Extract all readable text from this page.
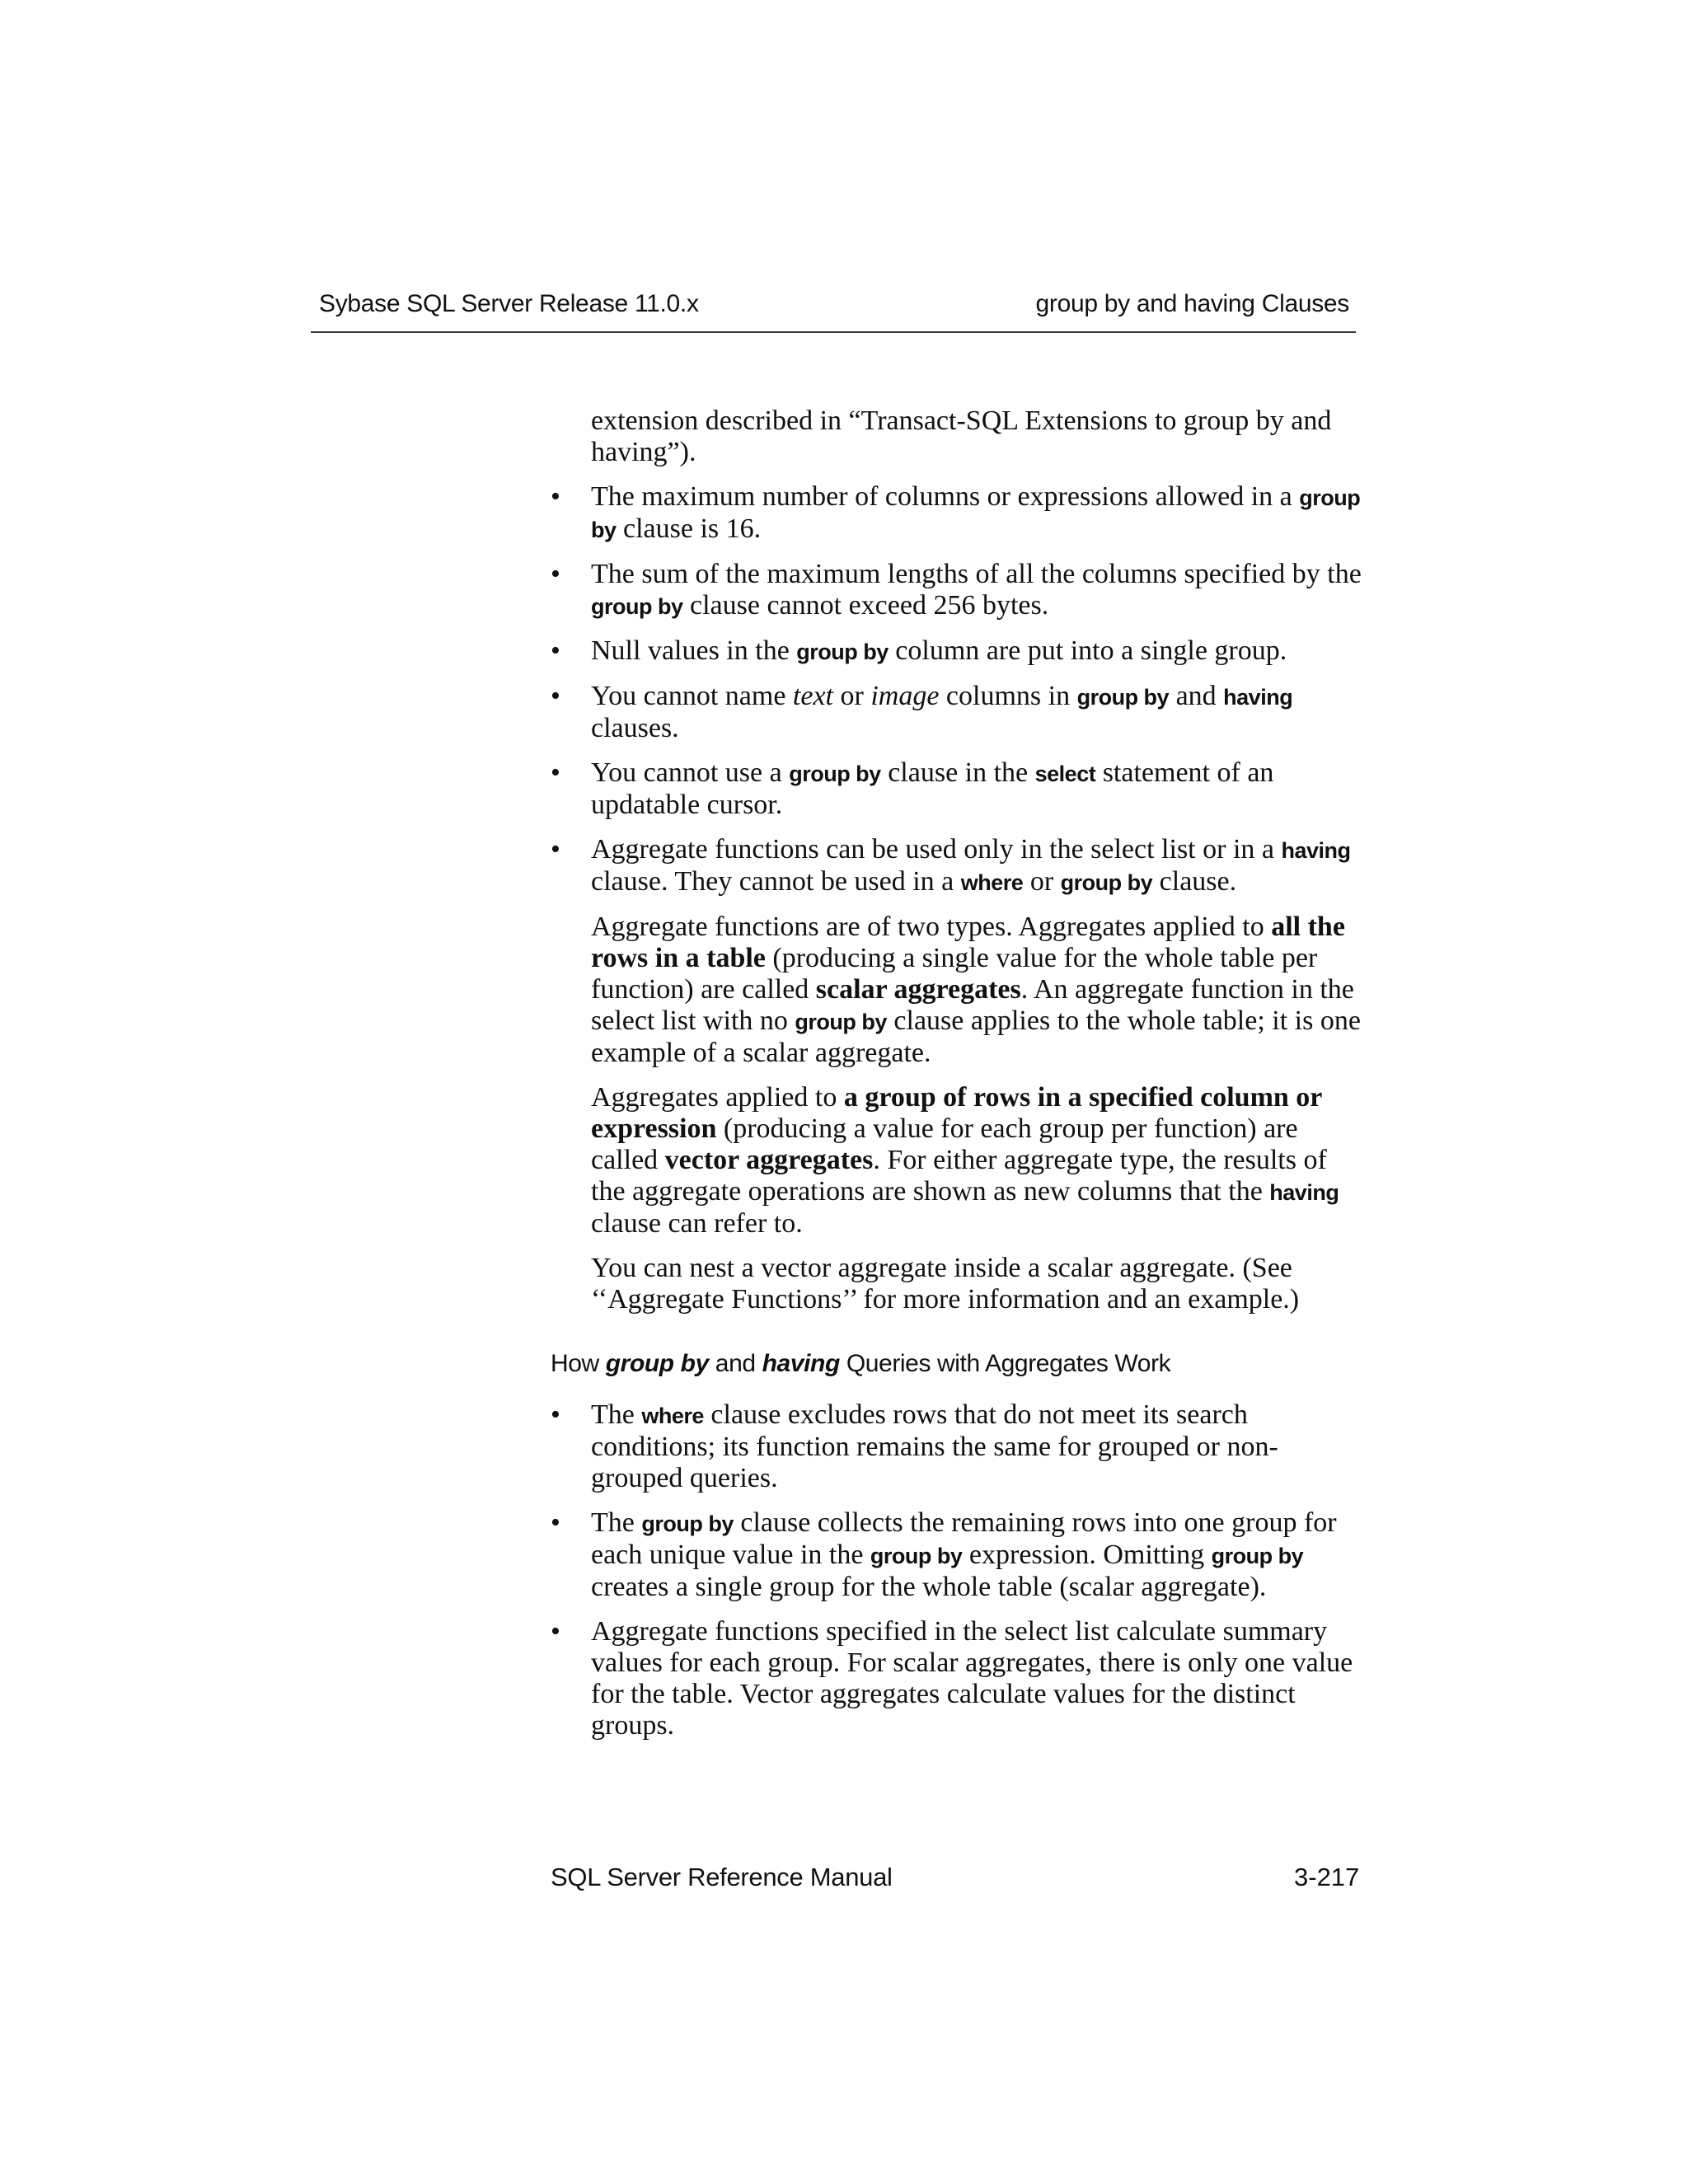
Sybase SQL Server Release 11.0.x	group by and having Clauses

extension described in “Transact-SQL Extensions to group by and having”).

• The maximum number of columns or expressions allowed in a group by clause is 16.
• The sum of the maximum lengths of all the columns specified by the group by clause cannot exceed 256 bytes.
• Null values in the group by column are put into a single group.
• You cannot name text or image columns in group by and having clauses.
• You cannot use a group by clause in the select statement of an updatable cursor.
• Aggregate functions can be used only in the select list or in a having clause. They cannot be used in a where or group by clause.

Aggregate functions are of two types. Aggregates applied to all the rows in a table (producing a single value for the whole table per function) are called scalar aggregates. An aggregate function in the select list with no group by clause applies to the whole table; it is one example of a scalar aggregate.

Aggregates applied to a group of rows in a specified column or expression (producing a value for each group per function) are called vector aggregates. For either aggregate type, the results of the aggregate operations are shown as new columns that the having clause can refer to.

You can nest a vector aggregate inside a scalar aggregate. (See ‘‘Aggregate Functions’’ for more information and an example.)

How group by and having Queries with Aggregates Work
• The where clause excludes rows that do not meet its search conditions; its function remains the same for grouped or non-grouped queries.
• The group by clause collects the remaining rows into one group for each unique value in the group by expression. Omitting group by creates a single group for the whole table (scalar aggregate).
• Aggregate functions specified in the select list calculate summary values for each group. For scalar aggregates, there is only one value for the table. Vector aggregates calculate values for the distinct groups.
SQL Server Reference Manual	3-217
